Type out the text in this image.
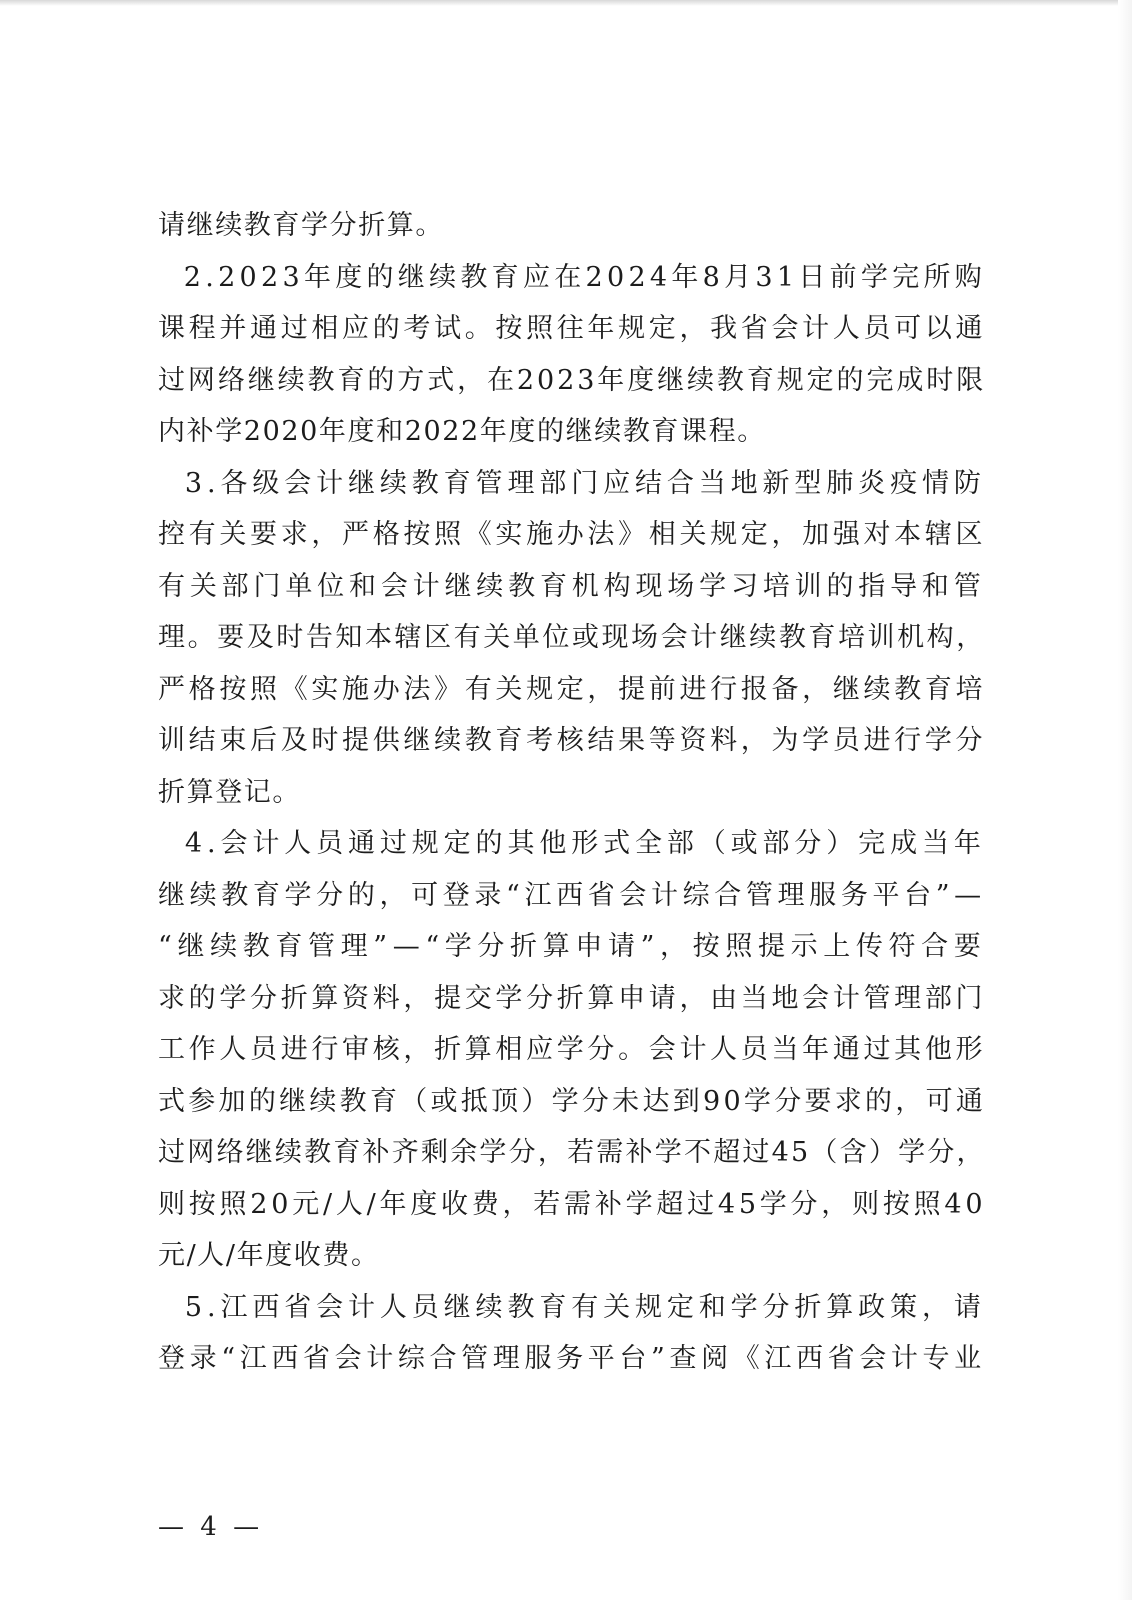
请继续教育学分折算。
2.2023年度的继续教育应在2024年8月31日前学完所购
课程并通过相应的考试。按照往年规定，我省会计人员可以通
过网络继续教育的方式，在2023年度继续教育规定的完成时限
内补学2020年度和2022年度的继续教育课程。
3.各级会计继续教育管理部门应结合当地新型肺炎疫情防
控有关要求，严格按照《实施办法》相关规定，加强对本辖区
有关部门单位和会计继续教育机构现场学习培训的指导和管
理。要及时告知本辖区有关单位或现场会计继续教育培训机构，
严格按照《实施办法》有关规定，提前进行报备，继续教育培
训结束后及时提供继续教育考核结果等资料，为学员进行学分
折算登记。
4.会计人员通过规定的其他形式全部（或部分）完成当年
继续教育学分的，可登录“江西省会计综合管理服务平台”—
“继续教育管理”—“学分折算申请”，按照提示上传符合要
求的学分折算资料，提交学分折算申请，由当地会计管理部门
工作人员进行审核，折算相应学分。会计人员当年通过其他形
式参加的继续教育（或抵顶）学分未达到90学分要求的，可通
过网络继续教育补齐剩余学分，若需补学不超过45（含）学分，
则按照20元/人/年度收费，若需补学超过45学分，则按照40
元/人/年度收费。
5.江西省会计人员继续教育有关规定和学分折算政策，请
登录“江西省会计综合管理服务平台”查阅《江西省会计专业
— 4 —
